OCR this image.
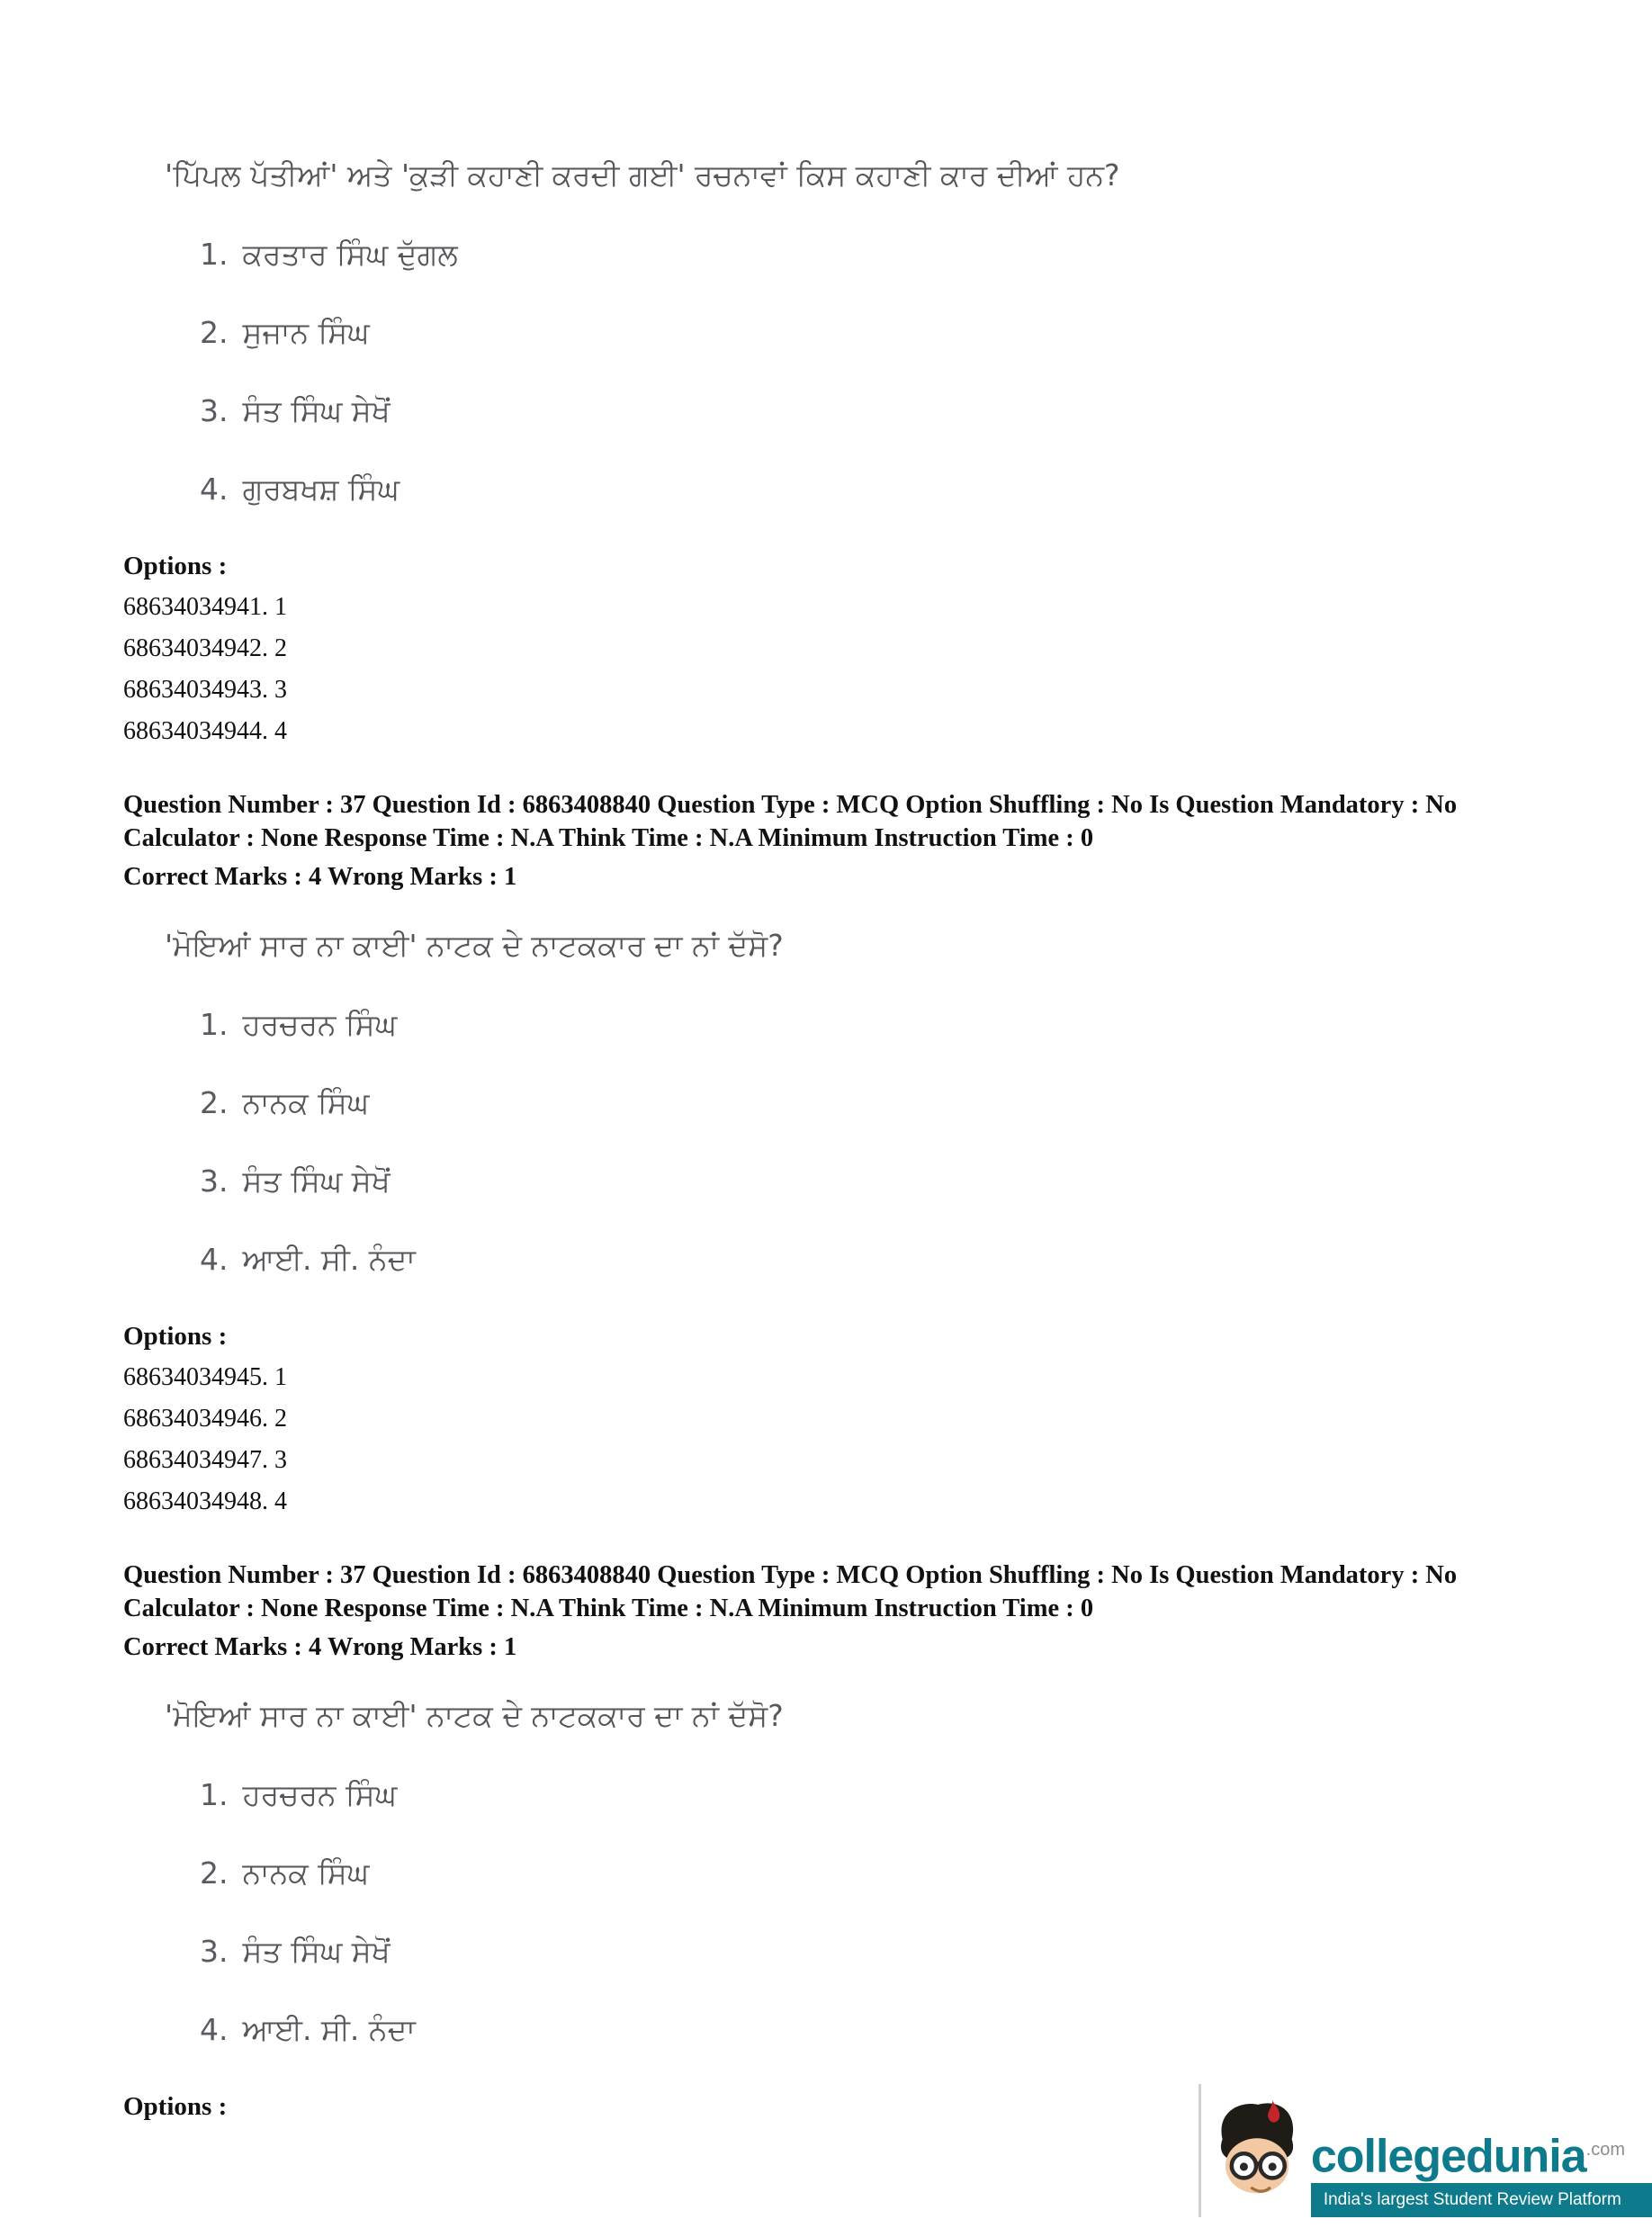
'ਪਿੱਪਲ ਪੱਤੀਆਂ' ਅਤੇ 'ਕੁੜੀ ਕਹਾਣੀ ਕਰਦੀ ਗਈ' ਰਚਨਾਵਾਂ ਕਿਸ ਕਹਾਣੀ ਕਾਰ ਦੀਆਂ ਹਨ?

1. ਕਰਤਾਰ ਸਿੰਘ ਦੁੱਗਲ
2. ਸੁਜਾਨ ਸਿੰਘ
3. ਸੰਤ ਸਿੰਘ ਸੇਖੋਂ
4. ਗੁਰਬਖਸ਼ ਸਿੰਘ

Options :

68634034941. 1

68634034942. 2

68634034943. 3

68634034944. 4

Question Number : 37 Question Id : 6863408840 Question Type : MCQ Option Shuffling : No Is Question Mandatory : No Calculator : None Response Time : N.A Think Time : N.A Minimum Instruction Time : 0

Correct Marks : 4 Wrong Marks : 1

'ਮੋਇਆਂ ਸਾਰ ਨਾ ਕਾਈ' ਨਾਟਕ ਦੇ ਨਾਟਕਕਾਰ ਦਾ ਨਾਂ ਦੱਸੋ?

1. ਹਰਚਰਨ ਸਿੰਘ
2. ਨਾਨਕ ਸਿੰਘ
3. ਸੰਤ ਸਿੰਘ ਸੇਖੋਂ
4. ਆਈ. ਸੀ. ਨੰਦਾ

Options :

68634034945. 1

68634034946. 2

68634034947. 3

68634034948. 4

Question Number : 37 Question Id : 6863408840 Question Type : MCQ Option Shuffling : No Is Question Mandatory : No Calculator : None Response Time : N.A Think Time : N.A Minimum Instruction Time : 0

Correct Marks : 4 Wrong Marks : 1

'ਮੋਇਆਂ ਸਾਰ ਨਾ ਕਾਈ' ਨਾਟਕ ਦੇ ਨਾਟਕਕਾਰ ਦਾ ਨਾਂ ਦੱਸੋ?

1. ਹਰਚਰਨ ਸਿੰਘ
2. ਨਾਨਕ ਸਿੰਘ
3. ਸੰਤ ਸਿੰਘ ਸੇਖੋਂ
4. ਆਈ. ਸੀ. ਨੰਦਾ

Options :

collegedunia$^{.com}$
India's largest Student Review Platform
